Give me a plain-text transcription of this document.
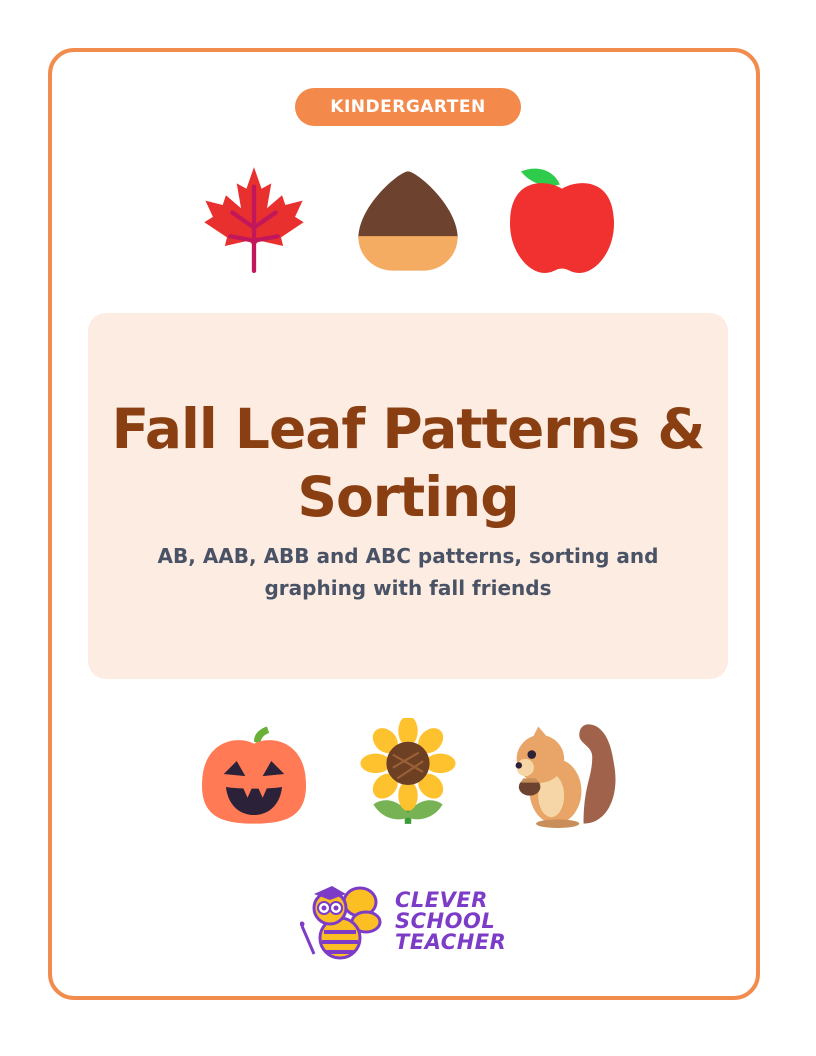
KINDERGARTEN
Fall Leaf Patterns & Sorting

AB, AAB, ABB and ABC patterns, sorting and graphing with fall friends

CLEVER
SCHOOL
TEACHER
